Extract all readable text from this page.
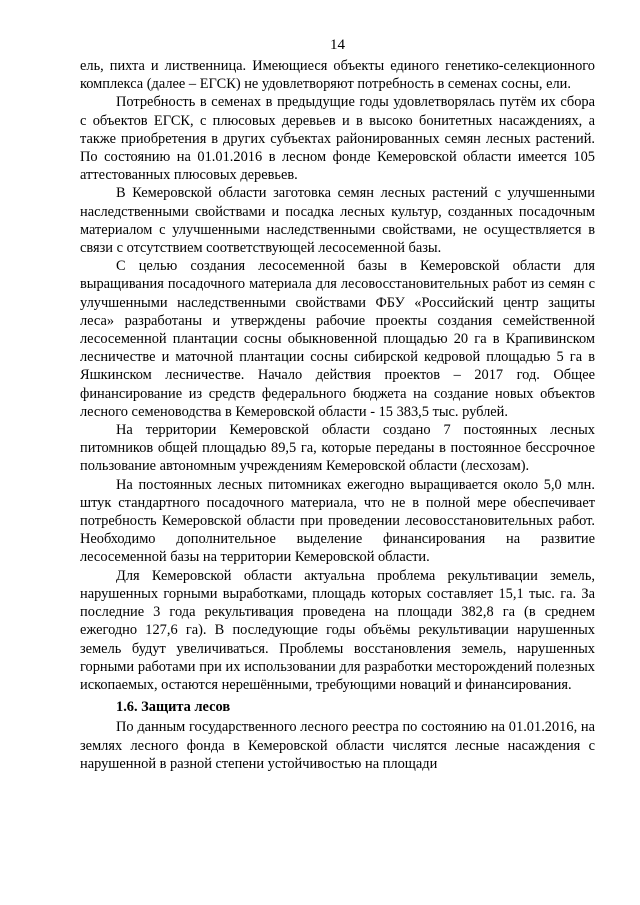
14

ель, пихта и лиственница. Имеющиеся объекты единого генетико-селекционного комплекса (далее – ЕГСК) не удовлетворяют потребность в семенах сосны, ели.

Потребность в семенах в предыдущие годы удовлетворялась путём их сбора с объектов ЕГСК, с плюсовых деревьев и в высоко бонитетных насаждениях, а также приобретения в других субъектах районированных семян лесных растений. По состоянию на 01.01.2016 в лесном фонде Кемеровской области имеется 105 аттестованных плюсовых деревьев.

В Кемеровской области заготовка семян лесных растений с улучшенными наследственными свойствами и посадка лесных культур, созданных посадочным материалом с улучшенными наследственными свойствами, не осуществляется в связи с отсутствием соответствующей лесосеменной базы.

С целью создания лесосеменной базы в Кемеровской области для выращивания посадочного материала для лесовосстановительных работ из семян с улучшенными наследственными свойствами ФБУ «Российский центр защиты леса» разработаны и утверждены рабочие проекты создания семейственной лесосеменной плантации сосны обыкновенной площадью 20 га в Крапивинском лесничестве и маточной плантации сосны сибирской кедровой площадью 5 га в Яшкинском лесничестве. Начало действия проектов – 2017 год. Общее финансирование из средств федерального бюджета на создание новых объектов лесного семеноводства в Кемеровской области - 15 383,5 тыс. рублей.

На территории Кемеровской области создано 7 постоянных лесных питомников общей площадью 89,5 га, которые переданы в постоянное бессрочное пользование автономным учреждениям Кемеровской области (лесхозам).

На постоянных лесных питомниках ежегодно выращивается около 5,0 млн. штук стандартного посадочного материала, что не в полной мере обеспечивает потребность Кемеровской области при проведении лесовосстановительных работ. Необходимо дополнительное выделение финансирования на развитие лесосеменной базы на территории Кемеровской области.

Для Кемеровской области актуальна проблема рекультивации земель, нарушенных горными выработками, площадь которых составляет 15,1 тыс. га. За последние 3 года рекультивация проведена на площади 382,8 га (в среднем ежегодно 127,6 га). В последующие годы объёмы рекультивации нарушенных земель будут увеличиваться. Проблемы восстановления земель, нарушенных горными работами при их использовании для разработки месторождений полезных ископаемых, остаются нерешёнными, требующими новаций и финансирования.

1.6. Защита лесов

По данным государственного лесного реестра по состоянию на 01.01.2016, на землях лесного фонда в Кемеровской области числятся лесные насаждения с нарушенной в разной степени устойчивостью на площади
